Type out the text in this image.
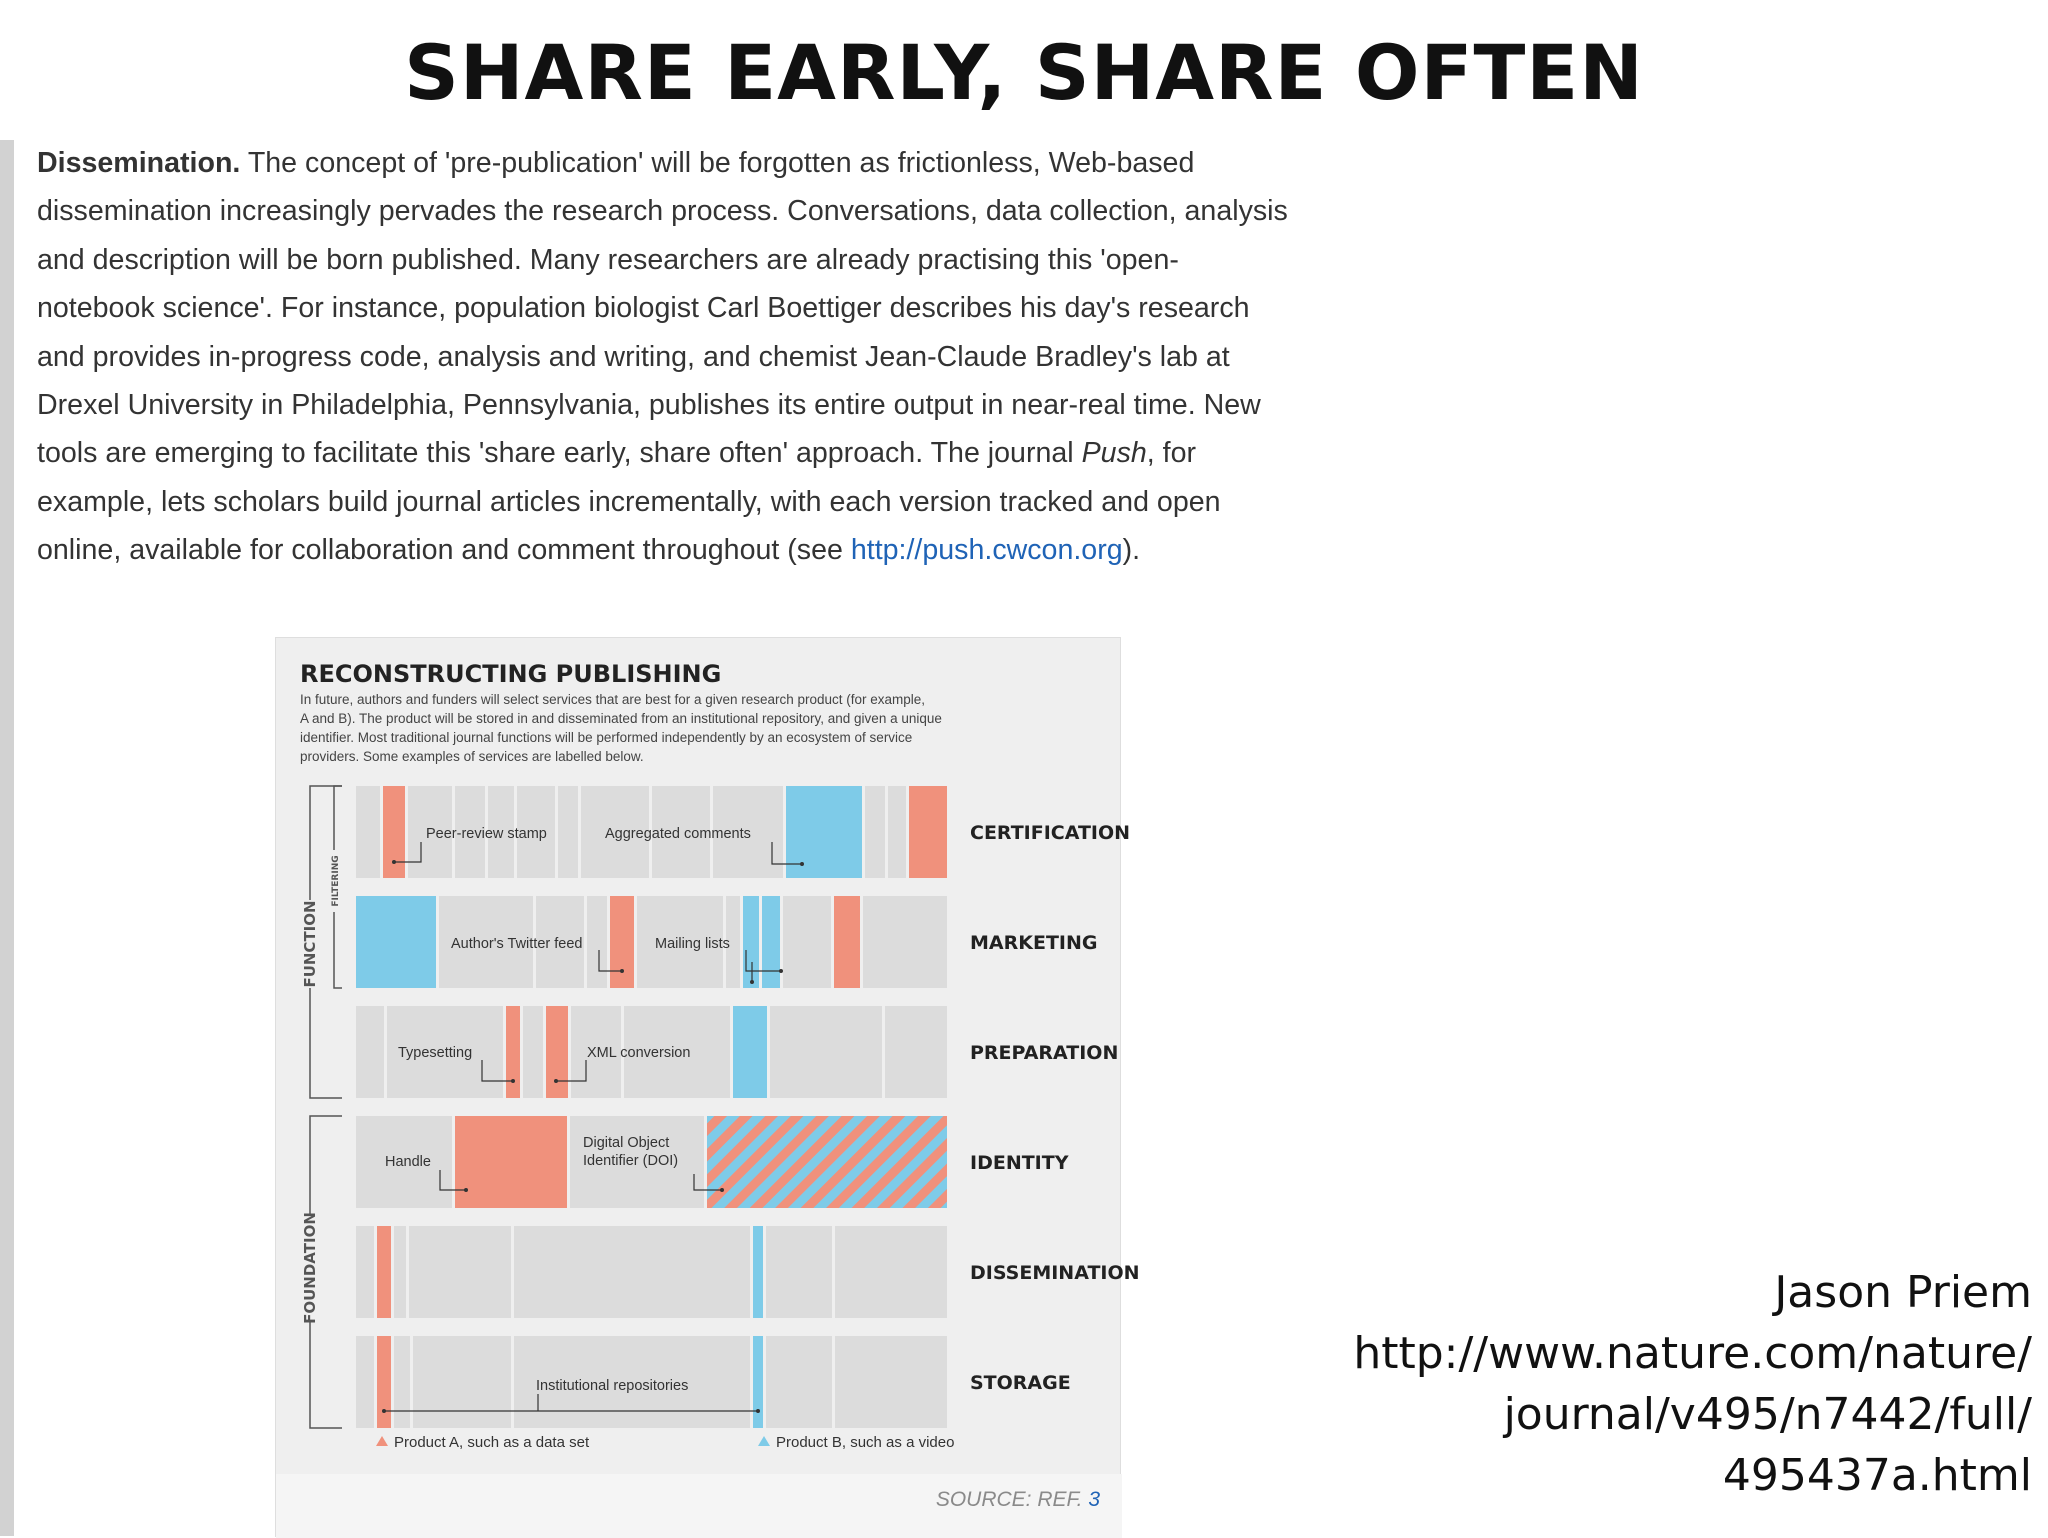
SHARE EARLY, SHARE OFTEN
Dissemination. The concept of 'pre-publication' will be forgotten as frictionless, Web-based
dissemination increasingly pervades the research process. Conversations, data collection, analysis
and description will be born published. Many researchers are already practising this 'open-
notebook science'. For instance, population biologist Carl Boettiger describes his day's research
and provides in-progress code, analysis and writing, and chemist Jean-Claude Bradley's lab at
Drexel University in Philadelphia, Pennsylvania, publishes its entire output in near-real time. New
tools are emerging to facilitate this 'share early, share often' approach. The journal Push, for
example, lets scholars build journal articles incrementally, with each version tracked and open
online, available for collaboration and comment throughout (see http://push.cwcon.org).
RECONSTRUCTING PUBLISHING
In future, authors and funders will select services that are best for a given research product (for example,
A and B). The product will be stored in and disseminated from an institutional repository, and given a unique
identifier. Most traditional journal functions will be performed independently by an ecosystem of service
providers. Some examples of services are labelled below.
CERTIFICATION
MARKETING
PREPARATION
IDENTITY
DISSEMINATION
STORAGE
FUNCTION
FILTERING
FOUNDATION
Peer-review stamp	Aggregated comments
Author's Twitter feed	Mailing lists
Typesetting	XML conversion
Handle
Digital Object
Identifier (DOI)
Institutional repositories
Product A, such as a data set	Product B, such as a video
SOURCE: REF. 3
Jason Priem
http://www.nature.com/nature/
journal/v495/n7442/full/
495437a.html
